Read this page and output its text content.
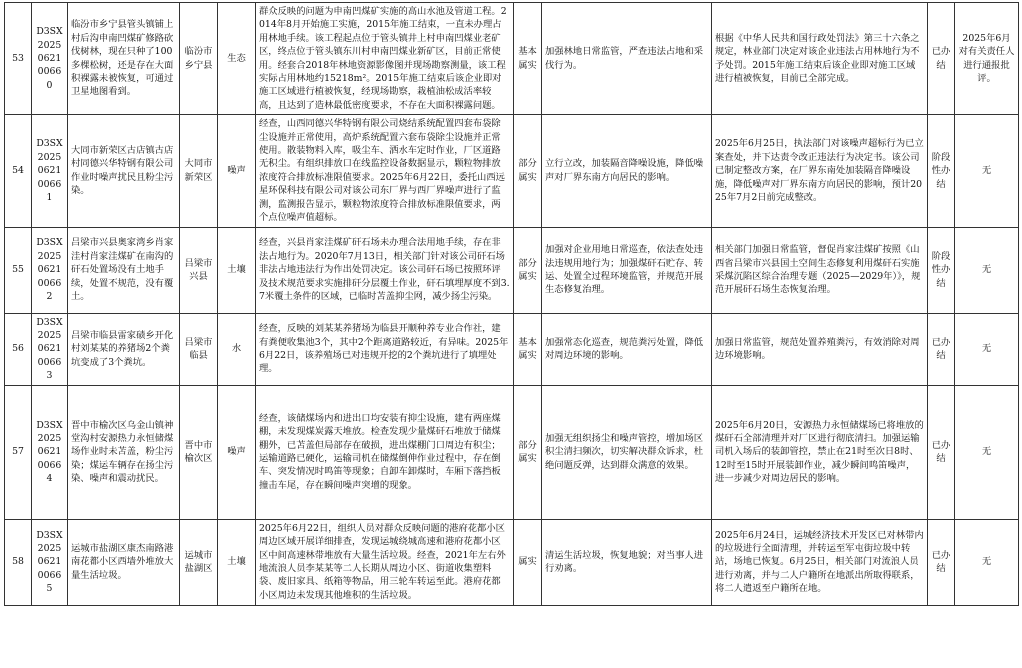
53	D3SX2025062100660	临汾市乡宁县管头镇铺上村后沟申南凹煤矿修路砍伐树林，现在只种了100多棵松树，还是存在大面积裸露未被恢复，可通过卫星地图看到。	临汾市乡宁县	生态	群众反映的问题为申南凹煤矿实施的高山水池及管道工程。2014年8月开始施工实施，2015年施工结束，一直未办理占用林地手续。该工程起点位于管头镇井上村申南凹煤业老矿区，终点位于管头镇东川村申南凹煤业新矿区，目前正常使用。经套合2018年林地资源影像图并现场勘察测量，该工程实际占用林地约15218m²。2015年施工结束后该企业即对施工区域进行植被恢复，经现场勘察，栽植油松成活率较高，且达到了造林最低密度要求，不存在大面积裸露问题。	基本属实	加强林地日常监管，严查违法占地和采伐行为。	根据《中华人民共和国行政处罚法》第三十六条之规定，林业部门决定对该企业违法占用林地行为不予处罚。2015年施工结束后该企业即对施工区域进行植被恢复，目前已全部完成。	已办结	2025年6月对有关责任人进行通报批评。
54	D3SX2025062100661	大同市新荣区古店镇古店村同德兴华特钢有限公司作业时噪声扰民且粉尘污染。	大同市新荣区	噪声	经查，山西同德兴华特钢有限公司烧结系统配置四套布袋除尘设施并正常使用，高炉系统配置六套布袋除尘设施并正常使用。散装物料入库，吸尘车、洒水车定时作业，厂区道路无积尘。有组织排放口在线监控设备数据显示，颗粒物排放浓度符合排放标准限值要求。2025年6月22日，委托山西远星环保科技有限公司对该公司东厂界与西厂界噪声进行了监测，监测报告显示，颗粒物浓度符合排放标准限值要求，两个点位噪声值超标。	部分属实	立行立改，加装隔音降噪设施，降低噪声对厂界东南方向居民的影响。	2025年6月25日，执法部门对该噪声超标行为已立案查处，并下达责令改正违法行为决定书。该公司已制定整改方案，在厂界东南处加装隔音降噪设施，降低噪声对厂界东南方向居民的影响，预计2025年7月2日前完成整改。	阶段性办结	无
55	D3SX2025062100662	吕梁市兴县奥家湾乡肖家洼村肖家洼煤矿在南沟的矸石处置场没有土地手续，处置不规范，没有覆土。	吕梁市兴县	土壤	经查，兴县肖家洼煤矿矸石场未办理合法用地手续，存在非法占地行为。2020年7月13日，相关部门针对该公司矸石场非法占地违法行为作出处罚决定。该公司矸石场已按照环评及技术规范要求实施排矸分层覆土作业，矸石填埋厚度不到3.7米覆土条件的区域，已临时苫盖抑尘网，减少扬尘污染。	部分属实	加强对企业用地日常巡查，依法查处违法违规用地行为；加强煤矸石贮存、转运、处置全过程环境监管，并规范开展生态修复治理。	相关部门加强日常监管，督促肖家洼煤矿按照《山西省吕梁市兴县国土空间生态修复利用煤矸石实施采煤沉陷区综合治理专题（2025—2029年）》，规范开展矸石场生态恢复治理。	阶段性办结	无
56	D3SX2025062100663	吕梁市临县雷家碛乡开化村刘某某的养猪场2个粪坑变成了3个粪坑。	吕梁市临县	水	经查，反映的刘某某养猪场为临县开顺种养专业合作社，建有粪便收集池3个，其中2个距离道路较近，有异味。2025年6月22日，该养殖场已对违规开挖的2个粪坑进行了填埋处理。	基本属实	加强常态化巡查，规范粪污处置，降低对周边环境的影响。	加强日常监管，规范处置养殖粪污，有效消除对周边环境影响。	已办结	无
57	D3SX2025062100664	晋中市榆次区乌金山镇神堂沟村安源热力永恒储煤场作业时未苫盖，粉尘污染；煤运车辆存在扬尘污染、噪声和震动扰民。	晋中市榆次区	噪声	经查，该储煤场内和进出口均安装有抑尘设施，建有两座煤棚，未发现煤炭露天堆放。检查发现少量煤矸石堆放于储煤棚外，已苫盖但局部存在破损，进出煤棚门口周边有积尘；运输道路已硬化，运输司机在储煤倒伸作业过程中，存在倒车、突发情况时鸣笛等现象；自卸车卸煤时，车厢下落挡板撞击车尾，存在瞬间噪声突增的现象。	部分属实	加强无组织扬尘和噪声管控，增加场区积尘清扫频次，切实解决群众诉求，杜绝问题反弹，达到群众满意的效果。	2025年6月20日，安源热力永恒储煤场已将堆放的煤矸石全部清理并对厂区进行彻底清扫。加强运输司机入场后的装卸管控，禁止在21时至次日8时、12时至15时开展装卸作业，减少瞬间鸣笛噪声，进一步减少对周边居民的影响。	已办结	无
58	D3SX2025062100665	运城市盐湖区康杰南路港南花都小区西墙外堆放大量生活垃圾。	运城市盐湖区	土壤	2025年6月22日，组织人员对群众反映问题的港府花都小区周边区域开展详细排查，发现运城绕城高速和港府花都小区区中间高速林带堆放有大量生活垃圾。经查，2021年左右外地流浪人员李某某等二人长期从周边小区、街道收集塑料袋、废旧家具、纸箱等物品，用三轮车转运至此。港府花都小区周边未发现其他堆积的生活垃圾。	属实	清运生活垃圾，恢复地貌；对当事人进行劝离。	2025年6月24日，运城经济技术开发区已对林带内的垃圾进行全面清理，并转运至军屯街垃圾中转站，场地已恢复。6月25日，相关部门对流浪人员进行劝离，并与二人户籍所在地派出所取得联系，将二人遣返至户籍所在地。	已办结	无
